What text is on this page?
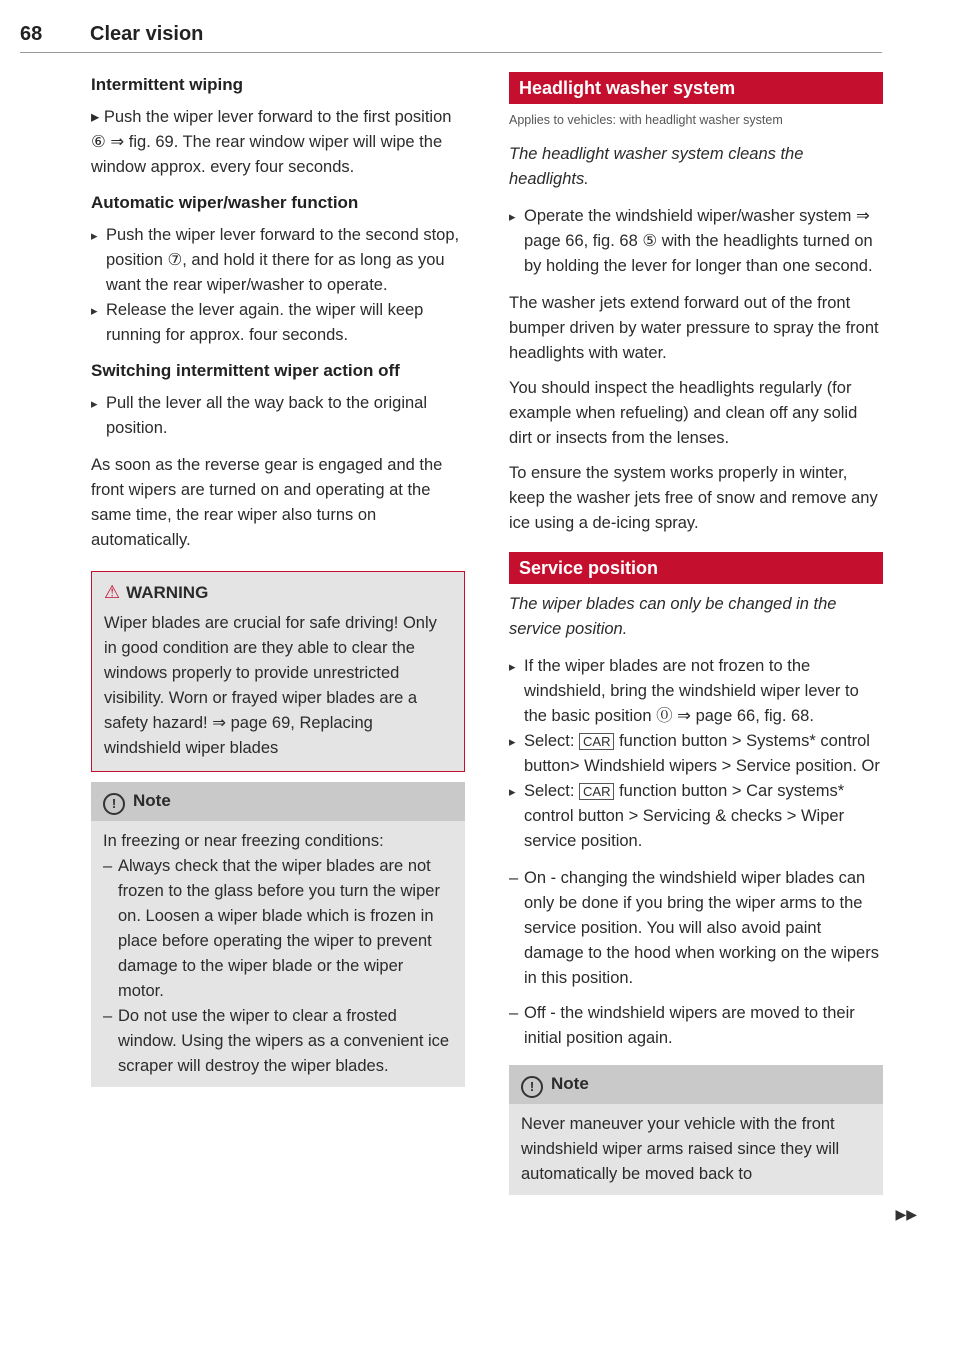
68 Clear vision
Intermittent wiping

▸ Push the wiper lever forward to the first position ⑥ ⇒ fig. 69. The rear window wiper will wipe the window approx. every four seconds.

Automatic wiper/washer function
▸ Push the wiper lever forward to the second stop, position ⑦, and hold it there for as long as you want the rear wiper/washer to operate.
▸ Release the lever again. the wiper will keep running for approx. four seconds.
Switching intermittent wiper action off
▸ Pull the lever all the way back to the original position.

As soon as the reverse gear is engaged and the front wipers are turned on and operating at the same time, the rear wiper also turns on automatically.

⚠ WARNING
Wiper blades are crucial for safe driving! Only in good condition are they able to clear the windows properly to provide unrestricted visibility. Worn or frayed wiper blades are a safety hazard! ⇒ page 69, Replacing windshield wiper blades
! Note
In freezing or near freezing conditions:
– Always check that the wiper blades are not frozen to the glass before you turn the wiper on. Loosen a wiper blade which is frozen in place before operating the wiper to prevent damage to the wiper blade or the wiper motor.
– Do not use the wiper to clear a frosted window. Using the wipers as a convenient ice scraper will destroy the wiper blades.
Headlight washer system
Applies to vehicles: with headlight washer system

The headlight washer system cleans the headlights.

▸ Operate the windshield wiper/washer system ⇒ page 66, fig. 68 ⑤ with the headlights turned on by holding the lever for longer than one second.

The washer jets extend forward out of the front bumper driven by water pressure to spray the front headlights with water.

You should inspect the headlights regularly (for example when refueling) and clean off any solid dirt or insects from the lenses.

To ensure the system works properly in winter, keep the washer jets free of snow and remove any ice using a de-icing spray.

Service position

The wiper blades can only be changed in the service position.

▸ If the wiper blades are not frozen to the windshield, bring the windshield wiper lever to the basic position ⓪ ⇒ page 66, fig. 68.
▸ Select: CAR function button > Systems* control button> Windshield wipers > Service position. Or
▸ Select: CAR function button > Car systems* control button > Servicing & checks > Wiper service position.
– On - changing the windshield wiper blades can only be done if you bring the wiper arms to the service position. You will also avoid paint damage to the hood when working on the wipers in this position.
– Off - the windshield wipers are moved to their initial position again.
! Note
Never maneuver your vehicle with the front windshield wiper arms raised since they will automatically be moved back to
▶▶
